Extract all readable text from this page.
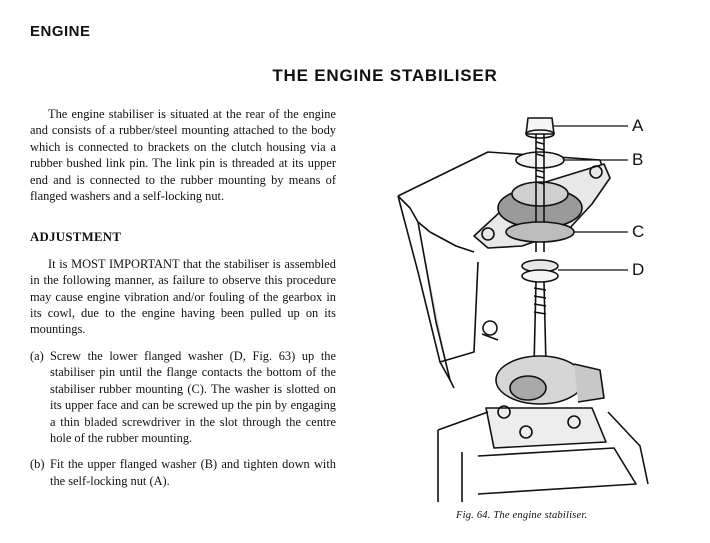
ENGINE
THE ENGINE STABILISER

The engine stabiliser is situated at the rear of the engine and consists of a rubber/steel mounting attached to the body which is connected to brackets on the clutch housing via a rubber bushed link pin. The link pin is threaded at its upper end and is connected to the rubber mounting by means of flanged washers and a self-locking nut.

ADJUSTMENT

It is MOST IMPORTANT that the stabiliser is assembled in the following manner, as failure to observe this procedure may cause engine vibration and/or fouling of the gearbox in its cowl, due to the engine having been pulled up on its mountings.

(a) Screw the lower flanged washer (D, Fig. 63) up the stabiliser pin until the flange contacts the bottom of the stabiliser rubber mounting (C). The washer is slotted on its upper face and can be screwed up the pin by engaging a thin bladed screwdriver in the slot through the centre hole of the rubber mounting.
(b) Fit the upper flanged washer (B) and tighten down with the self-locking nut (A).
A
B
C
D
Fig. 64. The engine stabiliser.
